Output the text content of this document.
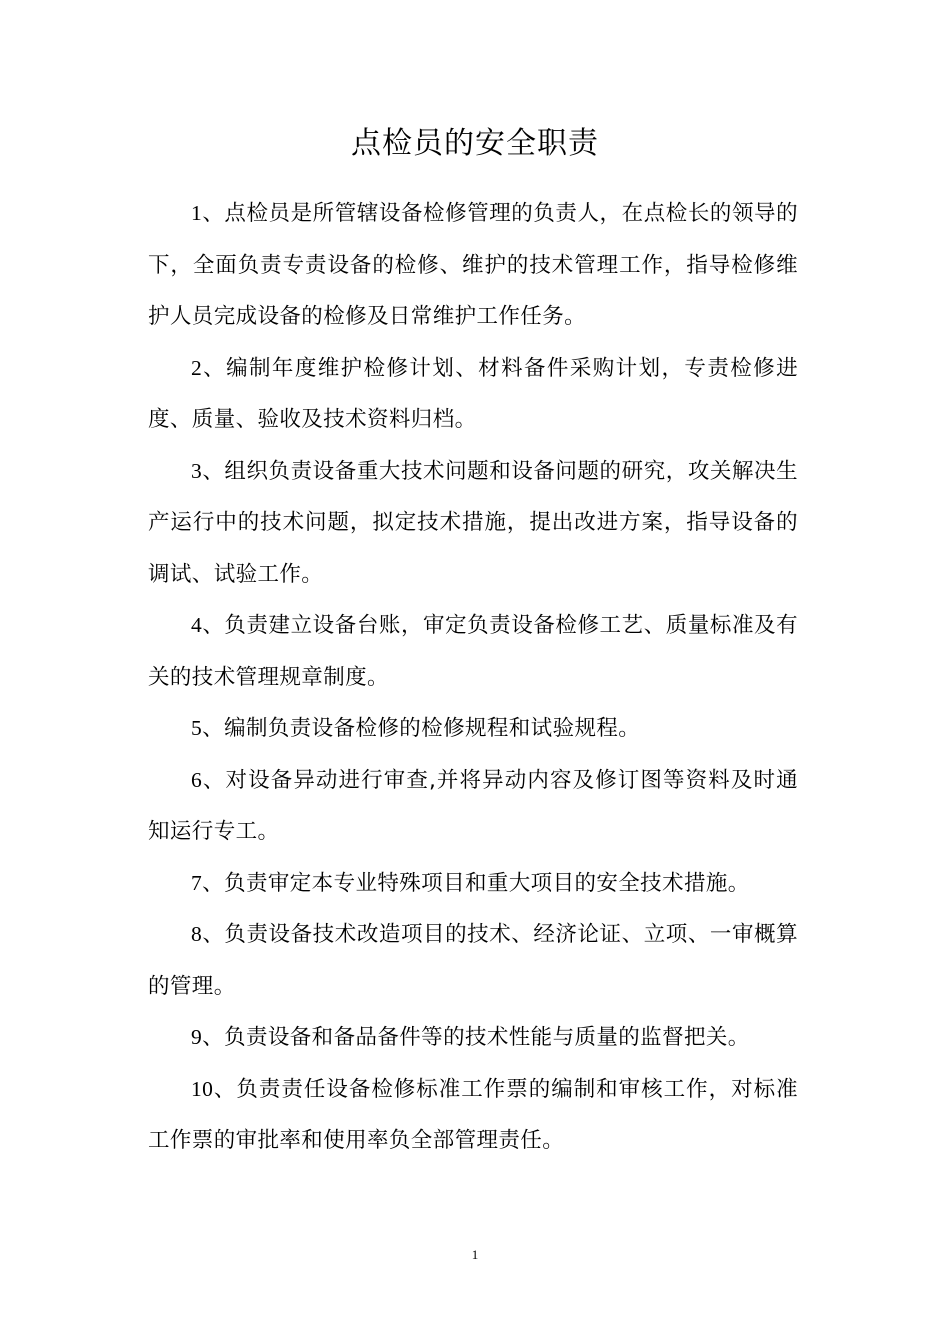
点检员的安全职责

1、点检员是所管辖设备检修管理的负责人，在点检长的领导的下，全面负责专责设备的检修、维护的技术管理工作，指导检修维护人员完成设备的检修及日常维护工作任务。

2、编制年度维护检修计划、材料备件采购计划，专责检修进度、质量、验收及技术资料归档。

3、组织负责设备重大技术问题和设备问题的研究，攻关解决生产运行中的技术问题，拟定技术措施，提出改进方案，指导设备的调试、试验工作。

4、负责建立设备台账，审定负责设备检修工艺、质量标准及有关的技术管理规章制度。

5、编制负责设备检修的检修规程和试验规程。

6、对设备异动进行审查,并将异动内容及修订图等资料及时通知运行专工。

7、负责审定本专业特殊项目和重大项目的安全技术措施。

8、负责设备技术改造项目的技术、经济论证、立项、一审概算的管理。

9、负责设备和备品备件等的技术性能与质量的监督把关。

10、负责责任设备检修标准工作票的编制和审核工作，对标准工作票的审批率和使用率负全部管理责任。

1
